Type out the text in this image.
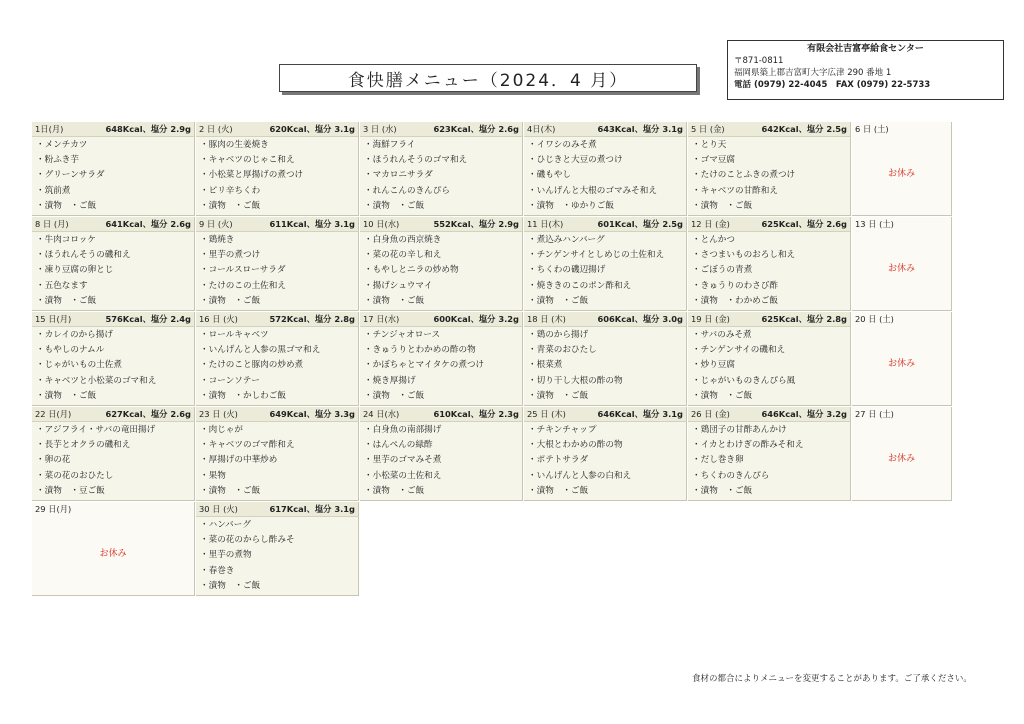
食快膳メニュー（2024．4 月）
有限会社吉富亭給食センター
〒871-0811
福岡県築上郡吉富町大字広津 290 番地 1
電話 (0979) 22-4045　FAX (0979) 22-5733
1日(月)	648Kcal、塩分 2.9g
・メンチカツ
・粉ふき芋
・グリーンサラダ
・筑前煮
・漬物　・ご飯
2 日 (火)	620Kcal、塩分 3.1g
・豚肉の生姜焼き
・キャベツのじゃこ和え
・小松菜と厚揚げの煮つけ
・ピリ辛ちくわ
・漬物　・ご飯
3 日 (水)	623Kcal、塩分 2.6g
・海鮮フライ
・ほうれんそうのゴマ和え
・マカロニサラダ
・れんこんのきんぴら
・漬物　・ご飯
4日(木)	643Kcal、塩分 3.1g
・イワシのみそ煮
・ひじきと大豆の煮つけ
・磯もやし
・いんげんと大根のゴマみそ和え
・漬物　・ゆかりご飯
5 日 (金)	642Kcal、塩分 2.5g
・とり天
・ゴマ豆腐
・たけのことふきの煮つけ
・キャベツの甘酢和え
・漬物　・ご飯
6 日 (土)
お休み
8 日 (月)	641Kcal、塩分 2.6g
・牛肉コロッケ
・ほうれんそうの磯和え
・凍り豆腐の卵とじ
・五色なます
・漬物　・ご飯
9 日 (火)	611Kcal、塩分 3.1g
・鶏焼き
・里芋の煮つけ
・コールスローサラダ
・たけのこの土佐和え
・漬物　・ご飯
10 日(水)	552Kcal、塩分 2.9g
・白身魚の西京焼き
・菜の花の辛し和え
・もやしとニラの炒め物
・揚げシュウマイ
・漬物　・ご飯
11 日(木)	601Kcal、塩分 2.5g
・煮込みハンバーグ
・チンゲンサイとしめじの土佐和え
・ちくわの磯辺揚げ
・焼ききのこのポン酢和え
・漬物　・ご飯
12 日 (金)	625Kcal、塩分 2.6g
・とんかつ
・さつまいものおろし和え
・ごぼうの青煮
・きゅうりのわさび酢
・漬物　・わかめご飯
13 日 (土)
お休み
15 日(月)	576Kcal、塩分 2.4g
・カレイのから揚げ
・もやしのナムル
・じゃがいもの土佐煮
・キャベツと小松菜のゴマ和え
・漬物　・ご飯
16 日 (火)	572Kcal、塩分 2.8g
・ロールキャベツ
・いんげんと人参の黒ゴマ和え
・たけのこと豚肉の炒め煮
・コーンソテー
・漬物　・かしわご飯
17 日(水)	600Kcal、塩分 3.2g
・チンジャオロース
・きゅうりとわかめの酢の物
・かぼちゃとマイタケの煮つけ
・焼き厚揚げ
・漬物　・ご飯
18 日 (木)	606Kcal、塩分 3.0g
・鶏のから揚げ
・青菜のおひたし
・根菜煮
・切り干し大根の酢の物
・漬物　・ご飯
19 日 (金)	625Kcal、塩分 2.8g
・サバのみそ煮
・チンゲンサイの磯和え
・炒り豆腐
・じゃがいものきんぴら風
・漬物　・ご飯
20 日 (土)
お休み
22 日(月)	627Kcal、塩分 2.6g
・アジフライ・サバの竜田揚げ
・長芋とオクラの磯和え
・卵の花
・菜の花のおひたし
・漬物　・豆ご飯
23 日 (火)	649Kcal、塩分 3.3g
・肉じゃが
・キャベツのゴマ酢和え
・厚揚げの中華炒め
・果物
・漬物　・ご飯
24 日(水)	610Kcal、塩分 2.3g
・白身魚の南部揚げ
・はんぺんの緑酢
・里芋のゴマみそ煮
・小松菜の土佐和え
・漬物　・ご飯
25 日 (木)	646Kcal、塩分 3.1g
・チキンチャップ
・大根とわかめの酢の物
・ポテトサラダ
・いんげんと人参の白和え
・漬物　・ご飯
26 日 (金)	646Kcal、塩分 3.2g
・鶏団子の甘酢あんかけ
・イカとわけぎの酢みそ和え
・だし巻き卵
・ちくわのきんぴら
・漬物　・ご飯
27 日 (土)
お休み
29 日(月)
お休み
30 日 (火)	617Kcal、塩分 3.1g
・ハンバーグ
・菜の花のからし酢みそ
・里芋の煮物
・春巻き
・漬物　・ご飯
食材の都合によりメニューを変更することがあります。ご了承ください。
